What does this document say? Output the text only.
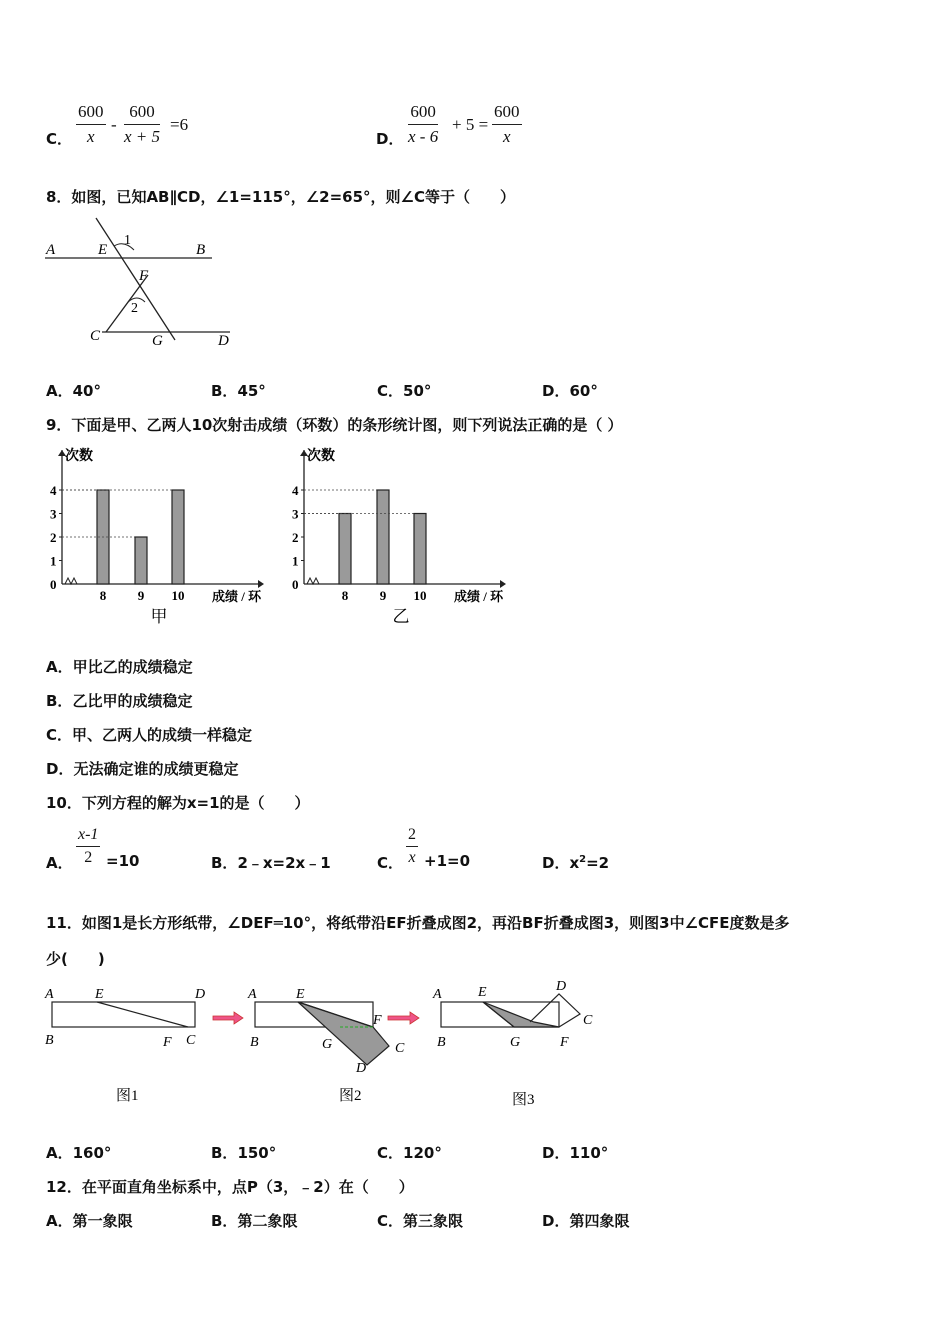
C． $\frac{600}{x} - \frac{600}{x + 5} =6$
D． $\frac{600}{x - 6} + 5 = \frac{600}{x}$
8．如图，已知AB∥CD，∠1=115°，∠2=65°，则∠C等于（　　）
A	E
1
B
F
2
C	G	D
A．40°	B．45°	C．50°	D．60°
9．下面是甲、乙两人10次射击成绩（环数）的条形统计图，则下列说法正确的是（ ）
0
1
2
3
4
次数
8 9 10 成绩 / 环
甲
0
1
2
3
4
次数
8 9 10 成绩 / 环
乙
A．甲比乙的成绩稳定
B．乙比甲的成绩稳定
C．甲、乙两人的成绩一样稳定
D．无法确定谁的成绩更稳定
10．下列方程的解为x=1的是（　　）
A． $\frac{x-1}{2} =10$	B．2﹣x=2x﹣1	C． $\frac{2}{x} +1=0$	D．$x^2=2$
11．如图1是长方形纸带，∠DEF═10°，将纸带沿EF折叠成图2，再沿BF折叠成图3，则图3中∠CFE度数是多
少(　　)
A	E	D
B	F C
图1
A	E
F
B	G	C
D
图2
A	E	D
C
B	G	F
图3
A．160°	B．150°	C．120°	D．110°
12．在平面直角坐标系中，点P（3，﹣2）在（　　）
A．第一象限	B．第二象限	C．第三象限	D．第四象限
